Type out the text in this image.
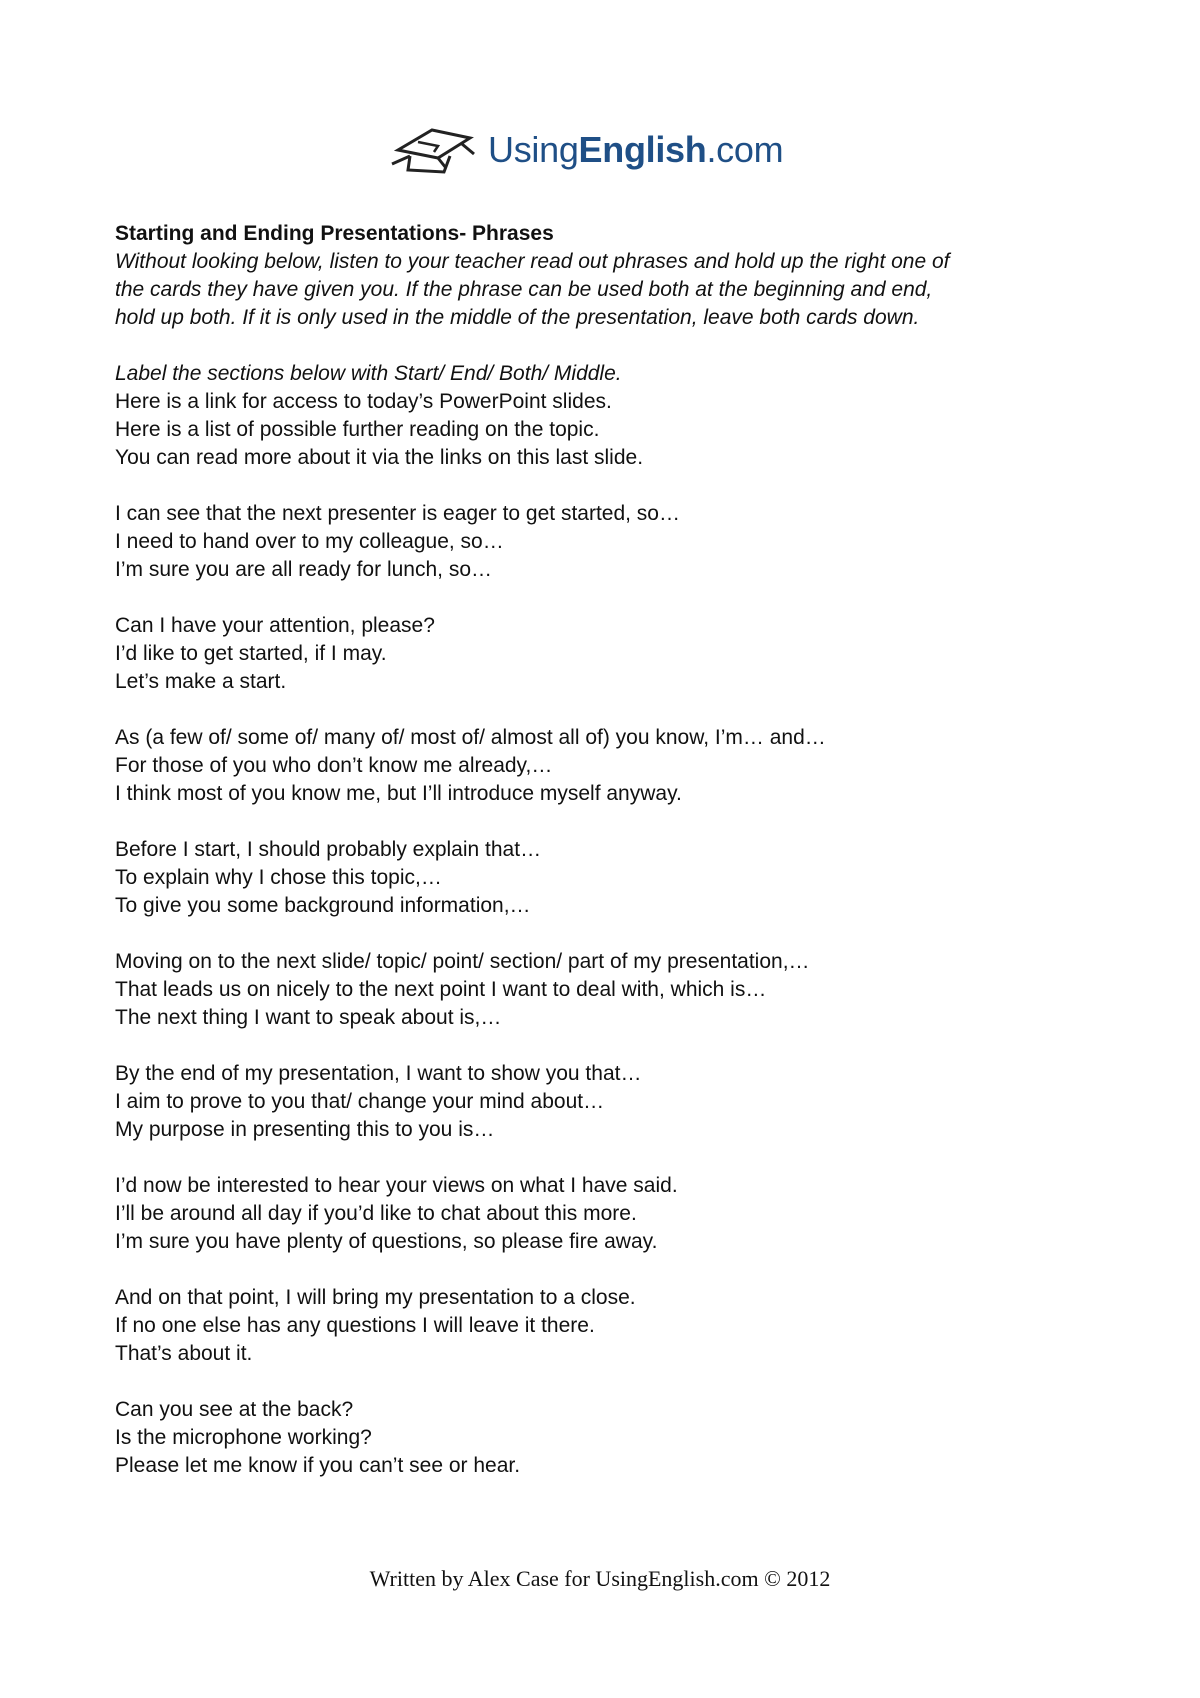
UsingEnglish.com

Starting and Ending Presentations- Phrases

Without looking below, listen to your teacher read out phrases and hold up the right one of

the cards they have given you. If the phrase can be used both at the beginning and end,

hold up both. If it is only used in the middle of the presentation, leave both cards down.

Label the sections below with Start/ End/ Both/ Middle.

Here is a link for access to today’s PowerPoint slides.

Here is a list of possible further reading on the topic.

You can read more about it via the links on this last slide.

I can see that the next presenter is eager to get started, so…

I need to hand over to my colleague, so…

I’m sure you are all ready for lunch, so…

Can I have your attention, please?

I’d like to get started, if I may.

Let’s make a start.

As (a few of/ some of/ many of/ most of/ almost all of) you know, I’m… and…

For those of you who don’t know me already,…

I think most of you know me, but I’ll introduce myself anyway.

Before I start, I should probably explain that…

To explain why I chose this topic,…

To give you some background information,…

Moving on to the next slide/ topic/ point/ section/ part of my presentation,…

That leads us on nicely to the next point I want to deal with, which is…

The next thing I want to speak about is,…

By the end of my presentation, I want to show you that…

I aim to prove to you that/ change your mind about…

My purpose in presenting this to you is…

I’d now be interested to hear your views on what I have said.

I’ll be around all day if you’d like to chat about this more.

I’m sure you have plenty of questions, so please fire away.

And on that point, I will bring my presentation to a close.

If no one else has any questions I will leave it there.

That’s about it.

Can you see at the back?

Is the microphone working?

Please let me know if you can’t see or hear.

Written by Alex Case for UsingEnglish.com © 2012
